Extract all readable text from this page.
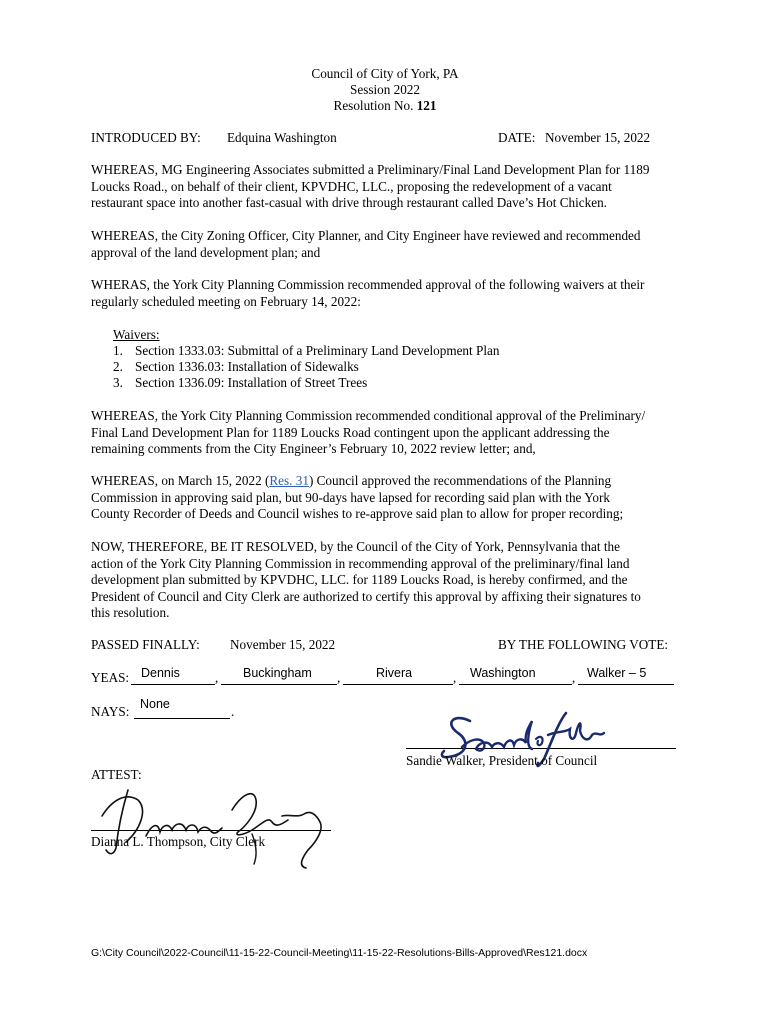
Council of City of York, PA
Session 2022
Resolution No. 121
INTRODUCED BY: Edquina Washington	DATE: November 15, 2022
WHEREAS, MG Engineering Associates submitted a Preliminary/Final Land Development Plan for 1189
Loucks Road., on behalf of their client, KPVDHC, LLC., proposing the redevelopment of a vacant
restaurant space into another fast-casual with drive through restaurant called Dave’s Hot Chicken.
WHEREAS, the City Zoning Officer, City Planner, and City Engineer have reviewed and recommended
approval of the land development plan; and
WHERAS, the York City Planning Commission recommended approval of the following waivers at their
regularly scheduled meeting on February 14, 2022:
Waivers:
1. Section 1333.03: Submittal of a Preliminary Land Development Plan
2. Section 1336.03: Installation of Sidewalks
3. Section 1336.09: Installation of Street Trees
WHEREAS, the York City Planning Commission recommended conditional approval of the Preliminary/
Final Land Development Plan for 1189 Loucks Road contingent upon the applicant addressing the
remaining comments from the City Engineer’s February 10, 2022 review letter; and,
WHEREAS, on March 15, 2022 (Res. 31) Council approved the recommendations of the Planning
Commission in approving said plan, but 90-days have lapsed for recording said plan with the York
County Recorder of Deeds and Council wishes to re-approve said plan to allow for proper recording;
NOW, THEREFORE, BE IT RESOLVED, by the Council of the City of York, Pennsylvania that the
action of the York City Planning Commission in recommending approval of the preliminary/final land
development plan submitted by KPVDHC, LLC. for 1189 Loucks Road, is hereby confirmed, and the
President of Council and City Clerk are authorized to certify this approval by affixing their signatures to
this resolution.
PASSED FINALLY: November 15, 2022	BY THE FOLLOWING VOTE:
YEAS:	,	,	,	,
Dennis	Buckingham	Rivera	Washington	Walker – 5
NAYS:	.
None
Sandie Walker, President of Council
ATTEST:
Dianna L. Thompson, City Clerk
G:\City Council\2022-Council\11-15-22-Council-Meeting\11-15-22-Resolutions-Bills-Approved\Res121.docx
